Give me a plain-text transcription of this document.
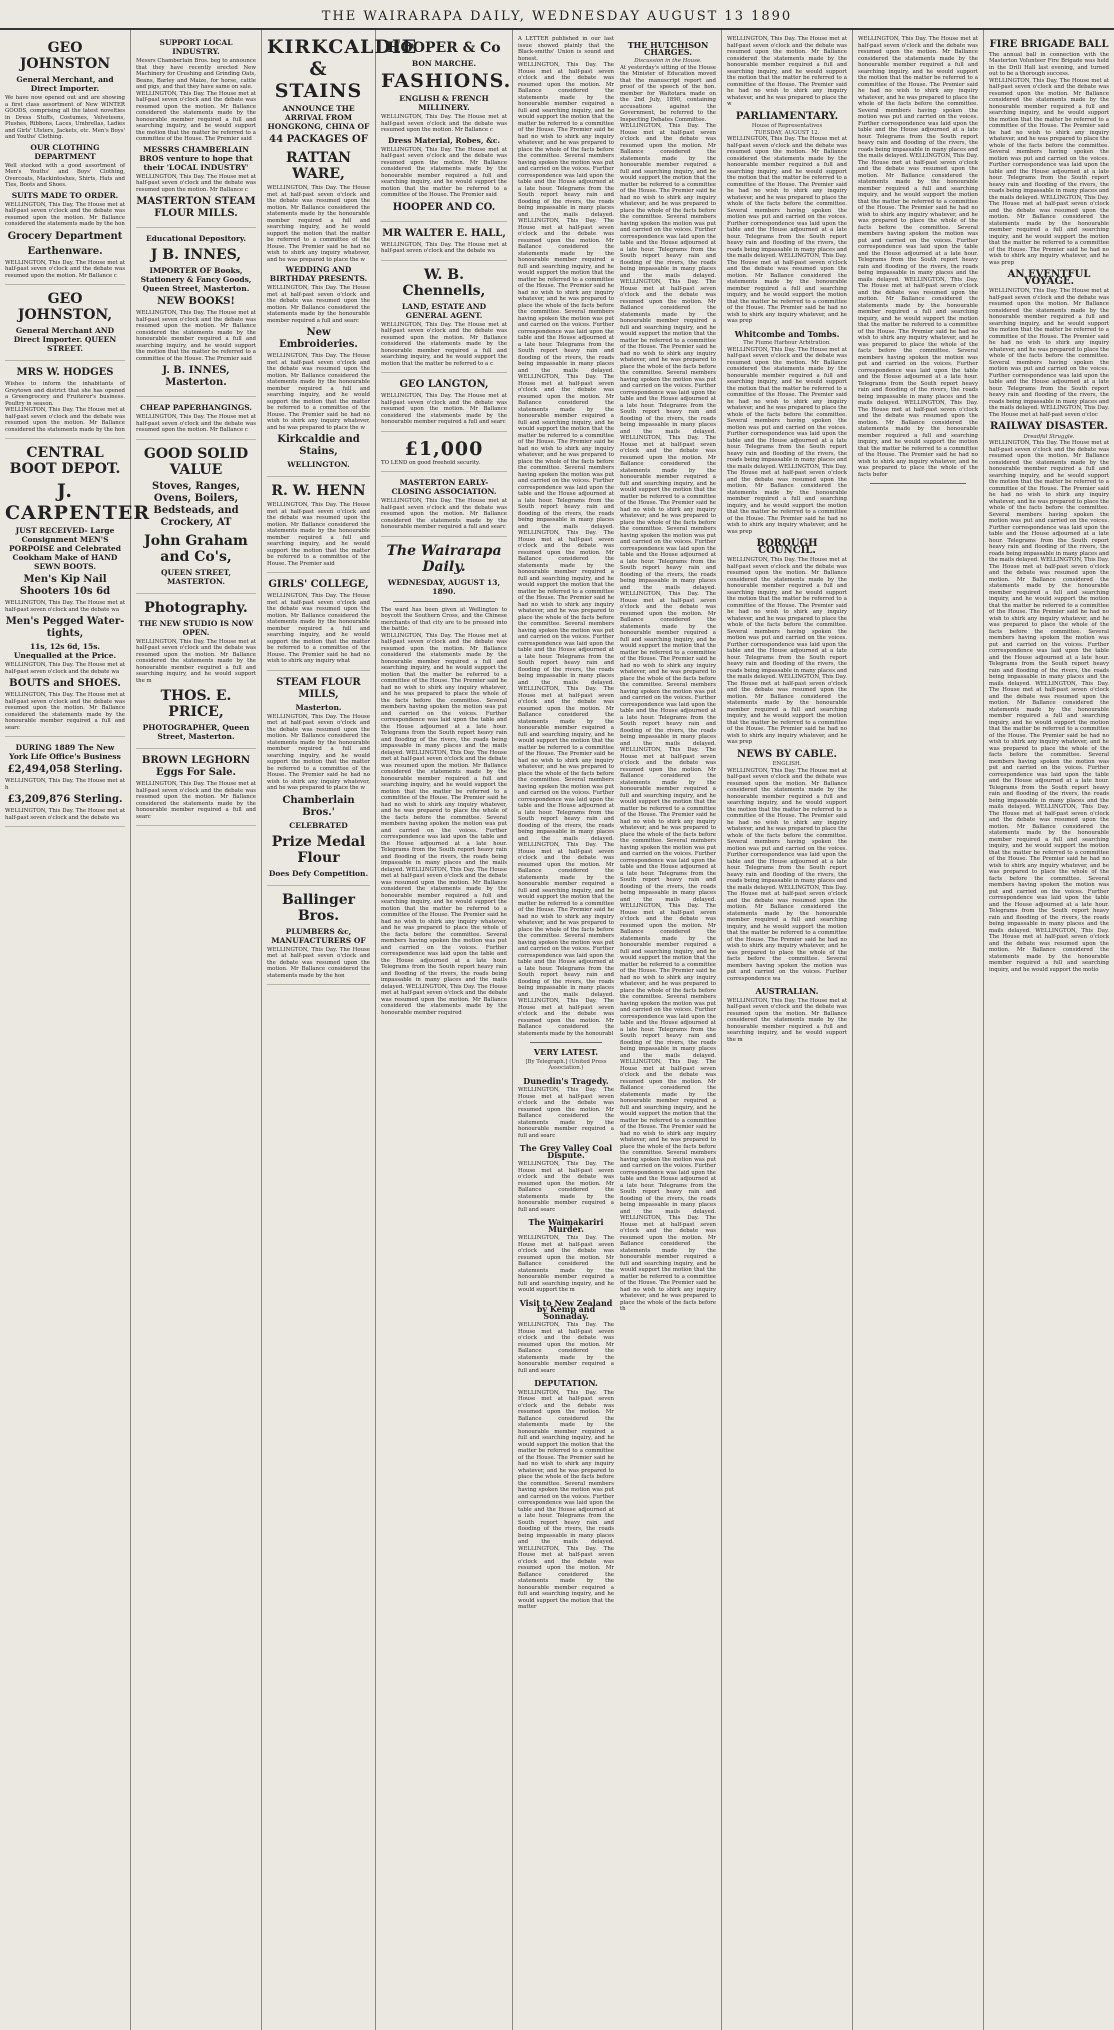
THE WAIRARAPA DAILY, WEDNESDAY AUGUST 13 1890
GEO JOHNSTON
General Merchant, and Direct Importer.
We have now opened out and are showing a first class assortment of New WINTER GOODS, comprising all the latest novelties in Dress Stuffs, Costumes, Velveteens, Plushes, Ribbons, Laces, Umbrellas, Ladies and Girls' Ulsters, Jackets, etc. Men's Boys' and Youths' Clothing.
OUR CLOTHING DEPARTMENT
Well stocked with a good assortment of Men's Youths' and Boys' Clothing, Overcoats, Mackintoshes, Shirts, Hats and Ties, Boots and Shoes.
SUITS MADE TO ORDER.
WELLINGTON, This Day. The House met at half-past seven o'clock and the debate was resumed upon the motion. Mr Ballance considered the statements made by the hon
Grocery Department
Earthenware.
WELLINGTON, This Day. The House met at half-past seven o'clock and the debate was resumed upon the motion. Mr Ballance c
GEO JOHNSTON,
General Merchant AND Direct Importer. QUEEN STREET.
MRS W. HODGES
Wishes to inform the inhabitants of Greytown and district that she has opened a Greengrocery and Fruiterer's business. Poultry in season.
WELLINGTON, This Day. The House met at half-past seven o'clock and the debate was resumed upon the motion. Mr Ballance considered the statements made by the hon
CENTRAL BOOT DEPOT.
J. CARPENTER
JUST RECEIVED- Large Consignment MEN'S PORPOISE and Celebrated Cookham Make of HAND SEWN BOOTS.
Men's Kip Nail Shooters 10s 6d
WELLINGTON, This Day. The House met at half-past seven o'clock and the debate wa
Men's Pegged Water-tights,
11s, 12s 6d, 15s. Unequalled at the Price.
WELLINGTON, This Day. The House met at half-past seven o'clock and the debate wa
BOUTS and SHOES.
WELLINGTON, This Day. The House met at half-past seven o'clock and the debate was resumed upon the motion. Mr Ballance considered the statements made by the honourable member required a full and searc
DURING 1889 The New York Life Office's Business
£2,494,058 Sterling.
WELLINGTON, This Day. The House met at h
£3,209,876 Sterling.
WELLINGTON, This Day. The House met at half-past seven o'clock and the debate wa
SUPPORT LOCAL INDUSTRY.
Messrs Chamberlain Bros. beg to announce that they have recently erected New Machinery for Crushing and Grinding Oats, Beans, Barley and Maize, for horse, cattle and pigs, and that they have same on sale.
WELLINGTON, This Day. The House met at half-past seven o'clock and the debate was resumed upon the motion. Mr Ballance considered the statements made by the honourable member required a full and searching inquiry, and he would support the motion that the matter be referred to a committee of the House. The Premier said
MESSRS CHAMBERLAIN BROS venture to hope that their 'LOCAL INDUSTRY'
WELLINGTON, This Day. The House met at half-past seven o'clock and the debate was resumed upon the motion. Mr Ballance c
MASTERTON STEAM FLOUR MILLS.
Educational Depository.
J B. INNES,
IMPORTER OF Books, Stationery & Fancy Goods, Queen Street, Masterton.
NEW BOOKS!
WELLINGTON, This Day. The House met at half-past seven o'clock and the debate was resumed upon the motion. Mr Ballance considered the statements made by the honourable member required a full and searching inquiry, and he would support the motion that the matter be referred to a committee of the House. The Premier said
J. B. INNES, Masterton.
CHEAP PAPERHANGINGS.
WELLINGTON, This Day. The House met at half-past seven o'clock and the debate was resumed upon the motion. Mr Ballance c
GOOD SOLID VALUE
Stoves, Ranges, Ovens, Boilers, Bedsteads, and Crockery, AT
John Graham and Co's,
QUEEN STREET, MASTERTON.
Photography.
THE NEW STUDIO IS NOW OPEN.
WELLINGTON, This Day. The House met at half-past seven o'clock and the debate was resumed upon the motion. Mr Ballance considered the statements made by the honourable member required a full and searching inquiry, and he would support the m
THOS. E. PRICE,
PHOTOGRAPHER, Queen Street, Masterton.
BROWN LEGHORN Eggs For Sale.
WELLINGTON, This Day. The House met at half-past seven o'clock and the debate was resumed upon the motion. Mr Ballance considered the statements made by the honourable member required a full and searc
KIRKCALDIE & STAINS
ANNOUNCE THE ARRIVAL FROM HONGKONG, CHINA OF
44 PACKAGES OF
RATTAN WARE,
WELLINGTON, This Day. The House met at half-past seven o'clock and the debate was resumed upon the motion. Mr Ballance considered the statements made by the honourable member required a full and searching inquiry, and he would support the motion that the matter be referred to a committee of the House. The Premier said he had no wish to shirk any inquiry whatever, and he was prepared to place the w
WEDDING AND BIRTHDAY PRESENTS.
WELLINGTON, This Day. The House met at half-past seven o'clock and the debate was resumed upon the motion. Mr Ballance considered the statements made by the honourable member required a full and searc
New Embroideries.
WELLINGTON, This Day. The House met at half-past seven o'clock and the debate was resumed upon the motion. Mr Ballance considered the statements made by the honourable member required a full and searching inquiry, and he would support the motion that the matter be referred to a committee of the House. The Premier said he had no wish to shirk any inquiry whatever, and he was prepared to place the w
Kirkcaldie and Stains,
WELLINGTON.
R. W. HENN
WELLINGTON, This Day. The House met at half-past seven o'clock and the debate was resumed upon the motion. Mr Ballance considered the statements made by the honourable member required a full and searching inquiry, and he would support the motion that the matter be referred to a committee of the House. The Premier said
GIRLS' COLLEGE,
WELLINGTON, This Day. The House met at half-past seven o'clock and the debate was resumed upon the motion. Mr Ballance considered the statements made by the honourable member required a full and searching inquiry, and he would support the motion that the matter be referred to a committee of the House. The Premier said he had no wish to shirk any inquiry what
STEAM FLOUR MILLS,
Masterton.
WELLINGTON, This Day. The House met at half-past seven o'clock and the debate was resumed upon the motion. Mr Ballance considered the statements made by the honourable member required a full and searching inquiry, and he would support the motion that the matter be referred to a committee of the House. The Premier said he had no wish to shirk any inquiry whatever, and he was prepared to place the w
Chamberlain Bros.'
CELEBRATED
Prize Medal Flour
Does Defy Competition.
Ballinger Bros.
PLUMBERS &c, MANUFACTURERS OF
WELLINGTON, This Day. The House met at half-past seven o'clock and the debate was resumed upon the motion. Mr Ballance considered the statements made by the hon
HOOPER & Co
BON MARCHE.
FASHIONS.
ENGLISH & FRENCH MILLINERY.
WELLINGTON, This Day. The House met at half-past seven o'clock and the debate was resumed upon the motion. Mr Ballance c
Dress Material, Robes, &c.
WELLINGTON, This Day. The House met at half-past seven o'clock and the debate was resumed upon the motion. Mr Ballance considered the statements made by the honourable member required a full and searching inquiry, and he would support the motion that the matter be referred to a committee of the House. The Premier said
HOOPER AND CO.
MR WALTER E. HALL,
WELLINGTON, This Day. The House met at half-past seven o'clock and the debate wa
W. B. Chennells,
LAND, ESTATE AND GENERAL AGENT.
WELLINGTON, This Day. The House met at half-past seven o'clock and the debate was resumed upon the motion. Mr Ballance considered the statements made by the honourable member required a full and searching inquiry, and he would support the motion that the matter be referred to a c
GEO LANGTON,
WELLINGTON, This Day. The House met at half-past seven o'clock and the debate was resumed upon the motion. Mr Ballance considered the statements made by the honourable member required a full and searc
£1,000
TO LEND on good freehold security.
MASTERTON EARLY-CLOSING ASSOCIATION.
WELLINGTON, This Day. The House met at half-past seven o'clock and the debate was resumed upon the motion. Mr Ballance considered the statements made by the honourable member required a full and searc
The Wairarapa Daily.
WEDNESDAY, AUGUST 13, 1890.
The ward has been given at Wellington to boycott the Southern Cross, and the Chinese merchants of that city are to be pressed into the battle.
WELLINGTON, This Day. The House met at half-past seven o'clock and the debate was resumed upon the motion. Mr Ballance considered the statements made by the honourable member required a full and searching inquiry, and he would support the motion that the matter be referred to a committee of the House. The Premier said he had no wish to shirk any inquiry whatever, and he was prepared to place the whole of the facts before the committee. Several members having spoken the motion was put and carried on the voices. Further correspondence was laid upon the table and the House adjourned at a late hour. Telegrams from the South report heavy rain and flooding of the rivers, the roads being impassable in many places and the mails delayed. WELLINGTON, This Day. The House met at half-past seven o'clock and the debate was resumed upon the motion. Mr Ballance considered the statements made by the honourable member required a full and searching inquiry, and he would support the motion that the matter be referred to a committee of the House. The Premier said he had no wish to shirk any inquiry whatever, and he was prepared to place the whole of the facts before the committee. Several members having spoken the motion was put and carried on the voices. Further correspondence was laid upon the table and the House adjourned at a late hour. Telegrams from the South report heavy rain and flooding of the rivers, the roads being impassable in many places and the mails delayed. WELLINGTON, This Day. The House met at half-past seven o'clock and the debate was resumed upon the motion. Mr Ballance considered the statements made by the honourable member required a full and searching inquiry, and he would support the motion that the matter be referred to a committee of the House. The Premier said he had no wish to shirk any inquiry whatever, and he was prepared to place the whole of the facts before the committee. Several members having spoken the motion was put and carried on the voices. Further correspondence was laid upon the table and the House adjourned at a late hour. Telegrams from the South report heavy rain and flooding of the rivers, the roads being impassable in many places and the mails delayed. WELLINGTON, This Day. The House met at half-past seven o'clock and the debate was resumed upon the motion. Mr Ballance considered the statements made by the honourable member required
A LETTER published in our last issue showed plainly that the Black-smiths' Union is sound and honest.
WELLINGTON, This Day. The House met at half-past seven o'clock and the debate was resumed upon the motion. Mr Ballance considered the statements made by the honourable member required a full and searching inquiry, and he would support the motion that the matter be referred to a committee of the House. The Premier said he had no wish to shirk any inquiry whatever, and he was prepared to place the whole of the facts before the committee. Several members having spoken the motion was put and carried on the voices. Further correspondence was laid upon the table and the House adjourned at a late hour. Telegrams from the South report heavy rain and flooding of the rivers, the roads being impassable in many places and the mails delayed. WELLINGTON, This Day. The House met at half-past seven o'clock and the debate was resumed upon the motion. Mr Ballance considered the statements made by the honourable member required a full and searching inquiry, and he would support the motion that the matter be referred to a committee of the House. The Premier said he had no wish to shirk any inquiry whatever, and he was prepared to place the whole of the facts before the committee. Several members having spoken the motion was put and carried on the voices. Further correspondence was laid upon the table and the House adjourned at a late hour. Telegrams from the South report heavy rain and flooding of the rivers, the roads being impassable in many places and the mails delayed. WELLINGTON, This Day. The House met at half-past seven o'clock and the debate was resumed upon the motion. Mr Ballance considered the statements made by the honourable member required a full and searching inquiry, and he would support the motion that the matter be referred to a committee of the House. The Premier said he had no wish to shirk any inquiry whatever, and he was prepared to place the whole of the facts before the committee. Several members having spoken the motion was put and carried on the voices. Further correspondence was laid upon the table and the House adjourned at a late hour. Telegrams from the South report heavy rain and flooding of the rivers, the roads being impassable in many places and the mails delayed. WELLINGTON, This Day. The House met at half-past seven o'clock and the debate was resumed upon the motion. Mr Ballance considered the statements made by the honourable member required a full and searching inquiry, and he would support the motion that the matter be referred to a committee of the House. The Premier said he had no wish to shirk any inquiry whatever, and he was prepared to place the whole of the facts before the committee. Several members having spoken the motion was put and carried on the voices. Further correspondence was laid upon the table and the House adjourned at a late hour. Telegrams from the South report heavy rain and flooding of the rivers, the roads being impassable in many places and the mails delayed. WELLINGTON, This Day. The House met at half-past seven o'clock and the debate was resumed upon the motion. Mr Ballance considered the statements made by the honourable member required a full and searching inquiry, and he would support the motion that the matter be referred to a committee of the House. The Premier said he had no wish to shirk any inquiry whatever, and he was prepared to place the whole of the facts before the committee. Several members having spoken the motion was put and carried on the voices. Further correspondence was laid upon the table and the House adjourned at a late hour. Telegrams from the South report heavy rain and flooding of the rivers, the roads being impassable in many places and the mails delayed. WELLINGTON, This Day. The House met at half-past seven o'clock and the debate was resumed upon the motion. Mr Ballance considered the statements made by the honourable member required a full and searching inquiry, and he would support the motion that the matter be referred to a committee of the House. The Premier said he had no wish to shirk any inquiry whatever, and he was prepared to place the whole of the facts before the committee. Several members having spoken the motion was put and carried on the voices. Further correspondence was laid upon the table and the House adjourned at a late hour. Telegrams from the South report heavy rain and flooding of the rivers, the roads being impassable in many places and the mails delayed. WELLINGTON, This Day. The House met at half-past seven o'clock and the debate was resumed upon the motion. Mr Ballance considered the statements made by the honourabl
VERY LATEST.
[By Telegraph.] (United Press Association.)
Dunedin's Tragedy.
WELLINGTON, This Day. The House met at half-past seven o'clock and the debate was resumed upon the motion. Mr Ballance considered the statements made by the honourable member required a full and searc
The Grey Valley Coal Dispute.
WELLINGTON, This Day. The House met at half-past seven o'clock and the debate was resumed upon the motion. Mr Ballance considered the statements made by the honourable member required a full and searc
The Waimakariri Murder.
WELLINGTON, This Day. The House met at half-past seven o'clock and the debate was resumed upon the motion. Mr Ballance considered the statements made by the honourable member required a full and searching inquiry, and he would support the m
Visit to New Zealand by Kemp and Sonnaday.
WELLINGTON, This Day. The House met at half-past seven o'clock and the debate was resumed upon the motion. Mr Ballance considered the statements made by the honourable member required a full and searc
DEPUTATION.
WELLINGTON, This Day. The House met at half-past seven o'clock and the debate was resumed upon the motion. Mr Ballance considered the statements made by the honourable member required a full and searching inquiry, and he would support the motion that the matter be referred to a committee of the House. The Premier said he had no wish to shirk any inquiry whatever, and he was prepared to place the whole of the facts before the committee. Several members having spoken the motion was put and carried on the voices. Further correspondence was laid upon the table and the House adjourned at a late hour. Telegrams from the South report heavy rain and flooding of the rivers, the roads being impassable in many places and the mails delayed. WELLINGTON, This Day. The House met at half-past seven o'clock and the debate was resumed upon the motion. Mr Ballance considered the statements made by the honourable member required a full and searching inquiry, and he would support the motion that the matter
THE HUTCHISON CHARGES.
Discussion in the House.
At yesterday's sitting of the House the Minister of Education moved that the manuscript report and proof of the speech of the hon. member for Waitotara made on the 2nd July, 1890, containing accusations against the Government, be referred to the Inspecting Debates Committee.
WELLINGTON, This Day. The House met at half-past seven o'clock and the debate was resumed upon the motion. Mr Ballance considered the statements made by the honourable member required a full and searching inquiry, and he would support the motion that the matter be referred to a committee of the House. The Premier said he had no wish to shirk any inquiry whatever, and he was prepared to place the whole of the facts before the committee. Several members having spoken the motion was put and carried on the voices. Further correspondence was laid upon the table and the House adjourned at a late hour. Telegrams from the South report heavy rain and flooding of the rivers, the roads being impassable in many places and the mails delayed. WELLINGTON, This Day. The House met at half-past seven o'clock and the debate was resumed upon the motion. Mr Ballance considered the statements made by the honourable member required a full and searching inquiry, and he would support the motion that the matter be referred to a committee of the House. The Premier said he had no wish to shirk any inquiry whatever, and he was prepared to place the whole of the facts before the committee. Several members having spoken the motion was put and carried on the voices. Further correspondence was laid upon the table and the House adjourned at a late hour. Telegrams from the South report heavy rain and flooding of the rivers, the roads being impassable in many places and the mails delayed. WELLINGTON, This Day. The House met at half-past seven o'clock and the debate was resumed upon the motion. Mr Ballance considered the statements made by the honourable member required a full and searching inquiry, and he would support the motion that the matter be referred to a committee of the House. The Premier said he had no wish to shirk any inquiry whatever, and he was prepared to place the whole of the facts before the committee. Several members having spoken the motion was put and carried on the voices. Further correspondence was laid upon the table and the House adjourned at a late hour. Telegrams from the South report heavy rain and flooding of the rivers, the roads being impassable in many places and the mails delayed. WELLINGTON, This Day. The House met at half-past seven o'clock and the debate was resumed upon the motion. Mr Ballance considered the statements made by the honourable member required a full and searching inquiry, and he would support the motion that the matter be referred to a committee of the House. The Premier said he had no wish to shirk any inquiry whatever, and he was prepared to place the whole of the facts before the committee. Several members having spoken the motion was put and carried on the voices. Further correspondence was laid upon the table and the House adjourned at a late hour. Telegrams from the South report heavy rain and flooding of the rivers, the roads being impassable in many places and the mails delayed. WELLINGTON, This Day. The House met at half-past seven o'clock and the debate was resumed upon the motion. Mr Ballance considered the statements made by the honourable member required a full and searching inquiry, and he would support the motion that the matter be referred to a committee of the House. The Premier said he had no wish to shirk any inquiry whatever, and he was prepared to place the whole of the facts before the committee. Several members having spoken the motion was put and carried on the voices. Further correspondence was laid upon the table and the House adjourned at a late hour. Telegrams from the South report heavy rain and flooding of the rivers, the roads being impassable in many places and the mails delayed. WELLINGTON, This Day. The House met at half-past seven o'clock and the debate was resumed upon the motion. Mr Ballance considered the statements made by the honourable member required a full and searching inquiry, and he would support the motion that the matter be referred to a committee of the House. The Premier said he had no wish to shirk any inquiry whatever, and he was prepared to place the whole of the facts before the committee. Several members having spoken the motion was put and carried on the voices. Further correspondence was laid upon the table and the House adjourned at a late hour. Telegrams from the South report heavy rain and flooding of the rivers, the roads being impassable in many places and the mails delayed. WELLINGTON, This Day. The House met at half-past seven o'clock and the debate was resumed upon the motion. Mr Ballance considered the statements made by the honourable member required a full and searching inquiry, and he would support the motion that the matter be referred to a committee of the House. The Premier said he had no wish to shirk any inquiry whatever, and he was prepared to place the whole of the facts before the committee. Several members having spoken the motion was put and carried on the voices. Further correspondence was laid upon the table and the House adjourned at a late hour. Telegrams from the South report heavy rain and flooding of the rivers, the roads being impassable in many places and the mails delayed. WELLINGTON, This Day. The House met at half-past seven o'clock and the debate was resumed upon the motion. Mr Ballance considered the statements made by the honourable member required a full and searching inquiry, and he would support the motion that the matter be referred to a committee of the House. The Premier said he had no wish to shirk any inquiry whatever, and he was prepared to place the whole of the facts before th
WELLINGTON, This Day. The House met at half-past seven o'clock and the debate was resumed upon the motion. Mr Ballance considered the statements made by the honourable member required a full and searching inquiry, and he would support the motion that the matter be referred to a committee of the House. The Premier said he had no wish to shirk any inquiry whatever, and he was prepared to place the w
PARLIAMENTARY.
House of Representatives
TUESDAY, AUGUST 12.
WELLINGTON, This Day. The House met at half-past seven o'clock and the debate was resumed upon the motion. Mr Ballance considered the statements made by the honourable member required a full and searching inquiry, and he would support the motion that the matter be referred to a committee of the House. The Premier said he had no wish to shirk any inquiry whatever, and he was prepared to place the whole of the facts before the committee. Several members having spoken the motion was put and carried on the voices. Further correspondence was laid upon the table and the House adjourned at a late hour. Telegrams from the South report heavy rain and flooding of the rivers, the roads being impassable in many places and the mails delayed. WELLINGTON, This Day. The House met at half-past seven o'clock and the debate was resumed upon the motion. Mr Ballance considered the statements made by the honourable member required a full and searching inquiry, and he would support the motion that the matter be referred to a committee of the House. The Premier said he had no wish to shirk any inquiry whatever, and he was prep
Whitcombe and Tombs.
The Fiume Harbour Arbitration.
WELLINGTON, This Day. The House met at half-past seven o'clock and the debate was resumed upon the motion. Mr Ballance considered the statements made by the honourable member required a full and searching inquiry, and he would support the motion that the matter be referred to a committee of the House. The Premier said he had no wish to shirk any inquiry whatever, and he was prepared to place the whole of the facts before the committee. Several members having spoken the motion was put and carried on the voices. Further correspondence was laid upon the table and the House adjourned at a late hour. Telegrams from the South report heavy rain and flooding of the rivers, the roads being impassable in many places and the mails delayed. WELLINGTON, This Day. The House met at half-past seven o'clock and the debate was resumed upon the motion. Mr Ballance considered the statements made by the honourable member required a full and searching inquiry, and he would support the motion that the matter be referred to a committee of the House. The Premier said he had no wish to shirk any inquiry whatever, and he was prep
BOROUGH COUNCIL.
WELLINGTON, This Day. The House met at half-past seven o'clock and the debate was resumed upon the motion. Mr Ballance considered the statements made by the honourable member required a full and searching inquiry, and he would support the motion that the matter be referred to a committee of the House. The Premier said he had no wish to shirk any inquiry whatever, and he was prepared to place the whole of the facts before the committee. Several members having spoken the motion was put and carried on the voices. Further correspondence was laid upon the table and the House adjourned at a late hour. Telegrams from the South report heavy rain and flooding of the rivers, the roads being impassable in many places and the mails delayed. WELLINGTON, This Day. The House met at half-past seven o'clock and the debate was resumed upon the motion. Mr Ballance considered the statements made by the honourable member required a full and searching inquiry, and he would support the motion that the matter be referred to a committee of the House. The Premier said he had no wish to shirk any inquiry whatever, and he was prep
NEWS BY CABLE.
ENGLISH.
WELLINGTON, This Day. The House met at half-past seven o'clock and the debate was resumed upon the motion. Mr Ballance considered the statements made by the honourable member required a full and searching inquiry, and he would support the motion that the matter be referred to a committee of the House. The Premier said he had no wish to shirk any inquiry whatever, and he was prepared to place the whole of the facts before the committee. Several members having spoken the motion was put and carried on the voices. Further correspondence was laid upon the table and the House adjourned at a late hour. Telegrams from the South report heavy rain and flooding of the rivers, the roads being impassable in many places and the mails delayed. WELLINGTON, This Day. The House met at half-past seven o'clock and the debate was resumed upon the motion. Mr Ballance considered the statements made by the honourable member required a full and searching inquiry, and he would support the motion that the matter be referred to a committee of the House. The Premier said he had no wish to shirk any inquiry whatever, and he was prepared to place the whole of the facts before the committee. Several members having spoken the motion was put and carried on the voices. Further correspondence wa
AUSTRALIAN.
WELLINGTON, This Day. The House met at half-past seven o'clock and the debate was resumed upon the motion. Mr Ballance considered the statements made by the honourable member required a full and searching inquiry, and he would support the m
WELLINGTON, This Day. The House met at half-past seven o'clock and the debate was resumed upon the motion. Mr Ballance considered the statements made by the honourable member required a full and searching inquiry, and he would support the motion that the matter be referred to a committee of the House. The Premier said he had no wish to shirk any inquiry whatever, and he was prepared to place the whole of the facts before the committee. Several members having spoken the motion was put and carried on the voices. Further correspondence was laid upon the table and the House adjourned at a late hour. Telegrams from the South report heavy rain and flooding of the rivers, the roads being impassable in many places and the mails delayed. WELLINGTON, This Day. The House met at half-past seven o'clock and the debate was resumed upon the motion. Mr Ballance considered the statements made by the honourable member required a full and searching inquiry, and he would support the motion that the matter be referred to a committee of the House. The Premier said he had no wish to shirk any inquiry whatever, and he was prepared to place the whole of the facts before the committee. Several members having spoken the motion was put and carried on the voices. Further correspondence was laid upon the table and the House adjourned at a late hour. Telegrams from the South report heavy rain and flooding of the rivers, the roads being impassable in many places and the mails delayed. WELLINGTON, This Day. The House met at half-past seven o'clock and the debate was resumed upon the motion. Mr Ballance considered the statements made by the honourable member required a full and searching inquiry, and he would support the motion that the matter be referred to a committee of the House. The Premier said he had no wish to shirk any inquiry whatever, and he was prepared to place the whole of the facts before the committee. Several members having spoken the motion was put and carried on the voices. Further correspondence was laid upon the table and the House adjourned at a late hour. Telegrams from the South report heavy rain and flooding of the rivers, the roads being impassable in many places and the mails delayed. WELLINGTON, This Day. The House met at half-past seven o'clock and the debate was resumed upon the motion. Mr Ballance considered the statements made by the honourable member required a full and searching inquiry, and he would support the motion that the matter be referred to a committee of the House. The Premier said he had no wish to shirk any inquiry whatever, and he was prepared to place the whole of the facts befor
FIRE BRIGADE BALL
The annual ball in connection with the Masterton Volunteer Fire Brigade was held in the Drill Hall last evening, and turned out to be a thorough success.
WELLINGTON, This Day. The House met at half-past seven o'clock and the debate was resumed upon the motion. Mr Ballance considered the statements made by the honourable member required a full and searching inquiry, and he would support the motion that the matter be referred to a committee of the House. The Premier said he had no wish to shirk any inquiry whatever, and he was prepared to place the whole of the facts before the committee. Several members having spoken the motion was put and carried on the voices. Further correspondence was laid upon the table and the House adjourned at a late hour. Telegrams from the South report heavy rain and flooding of the rivers, the roads being impassable in many places and the mails delayed. WELLINGTON, This Day. The House met at half-past seven o'clock and the debate was resumed upon the motion. Mr Ballance considered the statements made by the honourable member required a full and searching inquiry, and he would support the motion that the matter be referred to a committee of the House. The Premier said he had no wish to shirk any inquiry whatever, and he was prep
AN EVENTFUL VOYAGE.
WELLINGTON, This Day. The House met at half-past seven o'clock and the debate was resumed upon the motion. Mr Ballance considered the statements made by the honourable member required a full and searching inquiry, and he would support the motion that the matter be referred to a committee of the House. The Premier said he had no wish to shirk any inquiry whatever, and he was prepared to place the whole of the facts before the committee. Several members having spoken the motion was put and carried on the voices. Further correspondence was laid upon the table and the House adjourned at a late hour. Telegrams from the South report heavy rain and flooding of the rivers, the roads being impassable in many places and the mails delayed. WELLINGTON, This Day. The House met at half-past seven o'cloc
RAILWAY DISASTER.
Dreadful Struggle.
WELLINGTON, This Day. The House met at half-past seven o'clock and the debate was resumed upon the motion. Mr Ballance considered the statements made by the honourable member required a full and searching inquiry, and he would support the motion that the matter be referred to a committee of the House. The Premier said he had no wish to shirk any inquiry whatever, and he was prepared to place the whole of the facts before the committee. Several members having spoken the motion was put and carried on the voices. Further correspondence was laid upon the table and the House adjourned at a late hour. Telegrams from the South report heavy rain and flooding of the rivers, the roads being impassable in many places and the mails delayed. WELLINGTON, This Day. The House met at half-past seven o'clock and the debate was resumed upon the motion. Mr Ballance considered the statements made by the honourable member required a full and searching inquiry, and he would support the motion that the matter be referred to a committee of the House. The Premier said he had no wish to shirk any inquiry whatever, and he was prepared to place the whole of the facts before the committee. Several members having spoken the motion was put and carried on the voices. Further correspondence was laid upon the table and the House adjourned at a late hour. Telegrams from the South report heavy rain and flooding of the rivers, the roads being impassable in many places and the mails delayed. WELLINGTON, This Day. The House met at half-past seven o'clock and the debate was resumed upon the motion. Mr Ballance considered the statements made by the honourable member required a full and searching inquiry, and he would support the motion that the matter be referred to a committee of the House. The Premier said he had no wish to shirk any inquiry whatever, and he was prepared to place the whole of the facts before the committee. Several members having spoken the motion was put and carried on the voices. Further correspondence was laid upon the table and the House adjourned at a late hour. Telegrams from the South report heavy rain and flooding of the rivers, the roads being impassable in many places and the mails delayed. WELLINGTON, This Day. The House met at half-past seven o'clock and the debate was resumed upon the motion. Mr Ballance considered the statements made by the honourable member required a full and searching inquiry, and he would support the motion that the matter be referred to a committee of the House. The Premier said he had no wish to shirk any inquiry whatever, and he was prepared to place the whole of the facts before the committee. Several members having spoken the motion was put and carried on the voices. Further correspondence was laid upon the table and the House adjourned at a late hour. Telegrams from the South report heavy rain and flooding of the rivers, the roads being impassable in many places and the mails delayed. WELLINGTON, This Day. The House met at half-past seven o'clock and the debate was resumed upon the motion. Mr Ballance considered the statements made by the honourable member required a full and searching inquiry, and he would support the motio
